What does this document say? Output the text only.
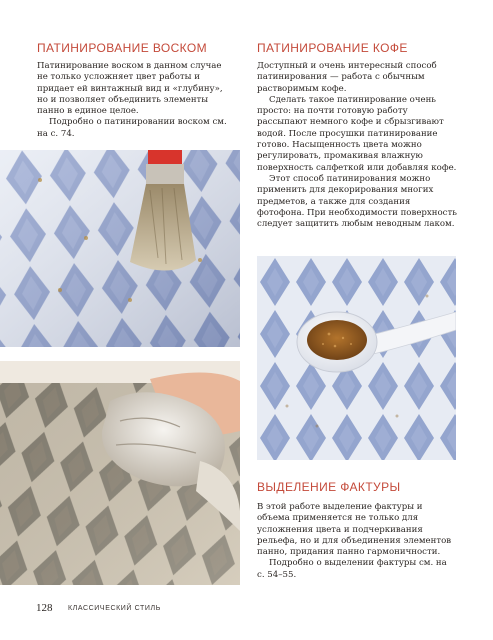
ПАТИНИРОВАНИЕ ВОСКОМ

Патинирование воском в данном случае не только усложняет цвет работы и придает ей винтажный вид и «глубину», но и позволяет объединить элементы панно в единое целое.

Подробно о патинировании воском см. на с. 74.

ПАТИНИРОВАНИЕ КОФЕ

Доступный и очень интересный способ патинирования — работа с обычным растворимым кофе.

Сделать такое патинирование очень просто: на почти готовую работу рассыпают немного кофе и сбрызгивают водой. После просушки патинирование готово. Насыщенность цвета можно регулировать, промакивая влажную поверхность салфеткой или добавляя кофе.

Этот способ патинирования можно применить для декорирования многих предметов, а также для создания фотофона. При необходимости поверхность следует защитить любым неводным лаком.

ВЫДЕЛЕНИЕ ФАКТУРЫ

В этой работе выделение фактуры и объема применяется не только для усложнения цвета и подчеркивания рельефа, но и для объединения элементов панно, придания панно гармоничности.

Подробно о выделении фактуры см. на с. 54–55.

128 КЛАССИЧЕСКИЙ СТИЛЬ
